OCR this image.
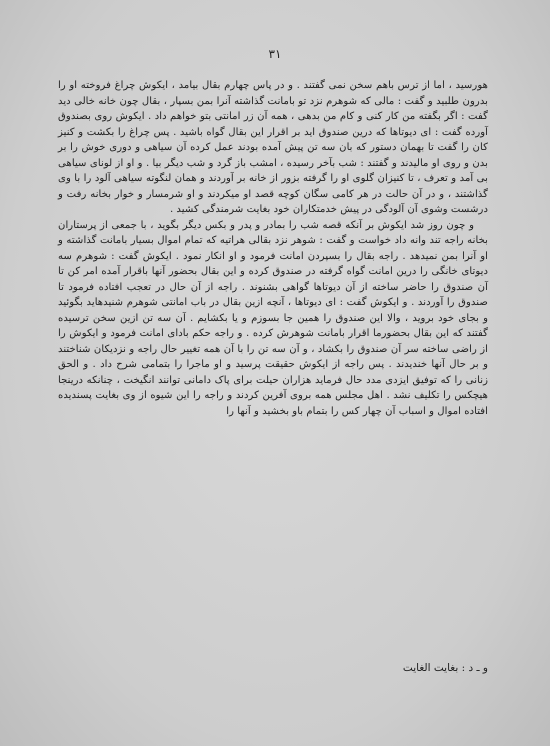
۳۱

هورسید ، اما از ترس باهم سخن نمی گفتند . و در پاس چهارم بقال بیامد ، ایکوش چراغ فروخته او را بدرون طلبید و گفت : مالی که شوهرم نزد تو بامانت گذاشته آنرا بمن بسپار ، بقال چون خانه خالی دید گفت : اگر بگفته من کار کنی و کام من بدهی ، همه آن زر امانتی بتو خواهم داد . ایکوش روی بصندوق آورده گفت : ای دیوتاها که درین صندوق اید بر اقرار این بقال گواه باشید . پس چراغ را بکشت و کنیز کان را گفت تا بهمان دستور که بان سه تن پیش آمده بودند عمل کرده آن سیاهی و دوری خوش را بر بدن و روی او مالیدند و گفتند : شب بآخر رسیده ، امشب باز گرد و شب دیگر بیا . و او از لونای سیاهی بی آمد و تعرف ، تا کنیزان گلوی او را گرفته بزور از خانه بر آوردند و همان لنگوته سیاهی آلود را با وی گذاشتند ، و در آن حالت در هر کامی سگان کوچه قصد او میکردند و او شرمسار و خوار بخانه رفت و درشست وشوی آن آلودگی در پیش خدمتکاران خود بغایت شرمندگی کشید .

و چون روز شد ایکوش بر آنکه قصه شب را بمادر و پدر و بکس دیگر بگوید ، با جمعی از پرستاران بخانه راجه تند وانه داد خواست و گفت : شوهر نزد بقالی هراتیه که تمام اموال بسیار بامانت گذاشته و او آنرا بمن نمیدهد . راجه بقال را بسپردن امانت فرمود و او انکار نمود . ایکوش گفت : شوهرم سه دیوتای خانگی را درین امانت گواه گرفته در صندوق کرده و این بقال بحضور آنها باقرار آمده امر کن تا آن صندوق را حاضر ساخته از آن دیوتاها گواهی بشنوند . راجه از آن حال در تعجب افتاده فرمود تا صندوق را آوردند . و ایکوش گفت : ای دیوتاها ، آنچه ازین بقال در باب امانتی شوهرم شنیدهاید بگوئید و بجای خود بروید ، والا این صندوق را همین جا بسوزم و یا بکشایم . آن سه تن ازین سخن ترسیده گفتند که این بقال بحضورما اقرار بامانت شوهرش کرده . و راجه حکم باداى امانت فرمود و ایکوش را از راضی ساخته سر آن صندوق را بکشاد ، و آن سه تن را با آن همه تغییر حال راجه و نزدیکان شناختند و بر حال آنها خندیدند . پس راجه از ایکوش حقیقت پرسید و او ماجرا را بتمامی شرح داد . و الحق زنانی را که توفیق ایزدی مدد حال فرماید هزاران حیلت برای پاک دامانی توانند انگیخت ، چنانکه درینجا هیچکس را تکلیف نشد . اهل مجلس همه بروی آفرین کردند و راجه را این شیوه از وی بغایت پسندیده افتاده اموال و اسباب آن چهار کس را بتمام باو بخشید و آنها را

و ـ د : بغایت الغایت
